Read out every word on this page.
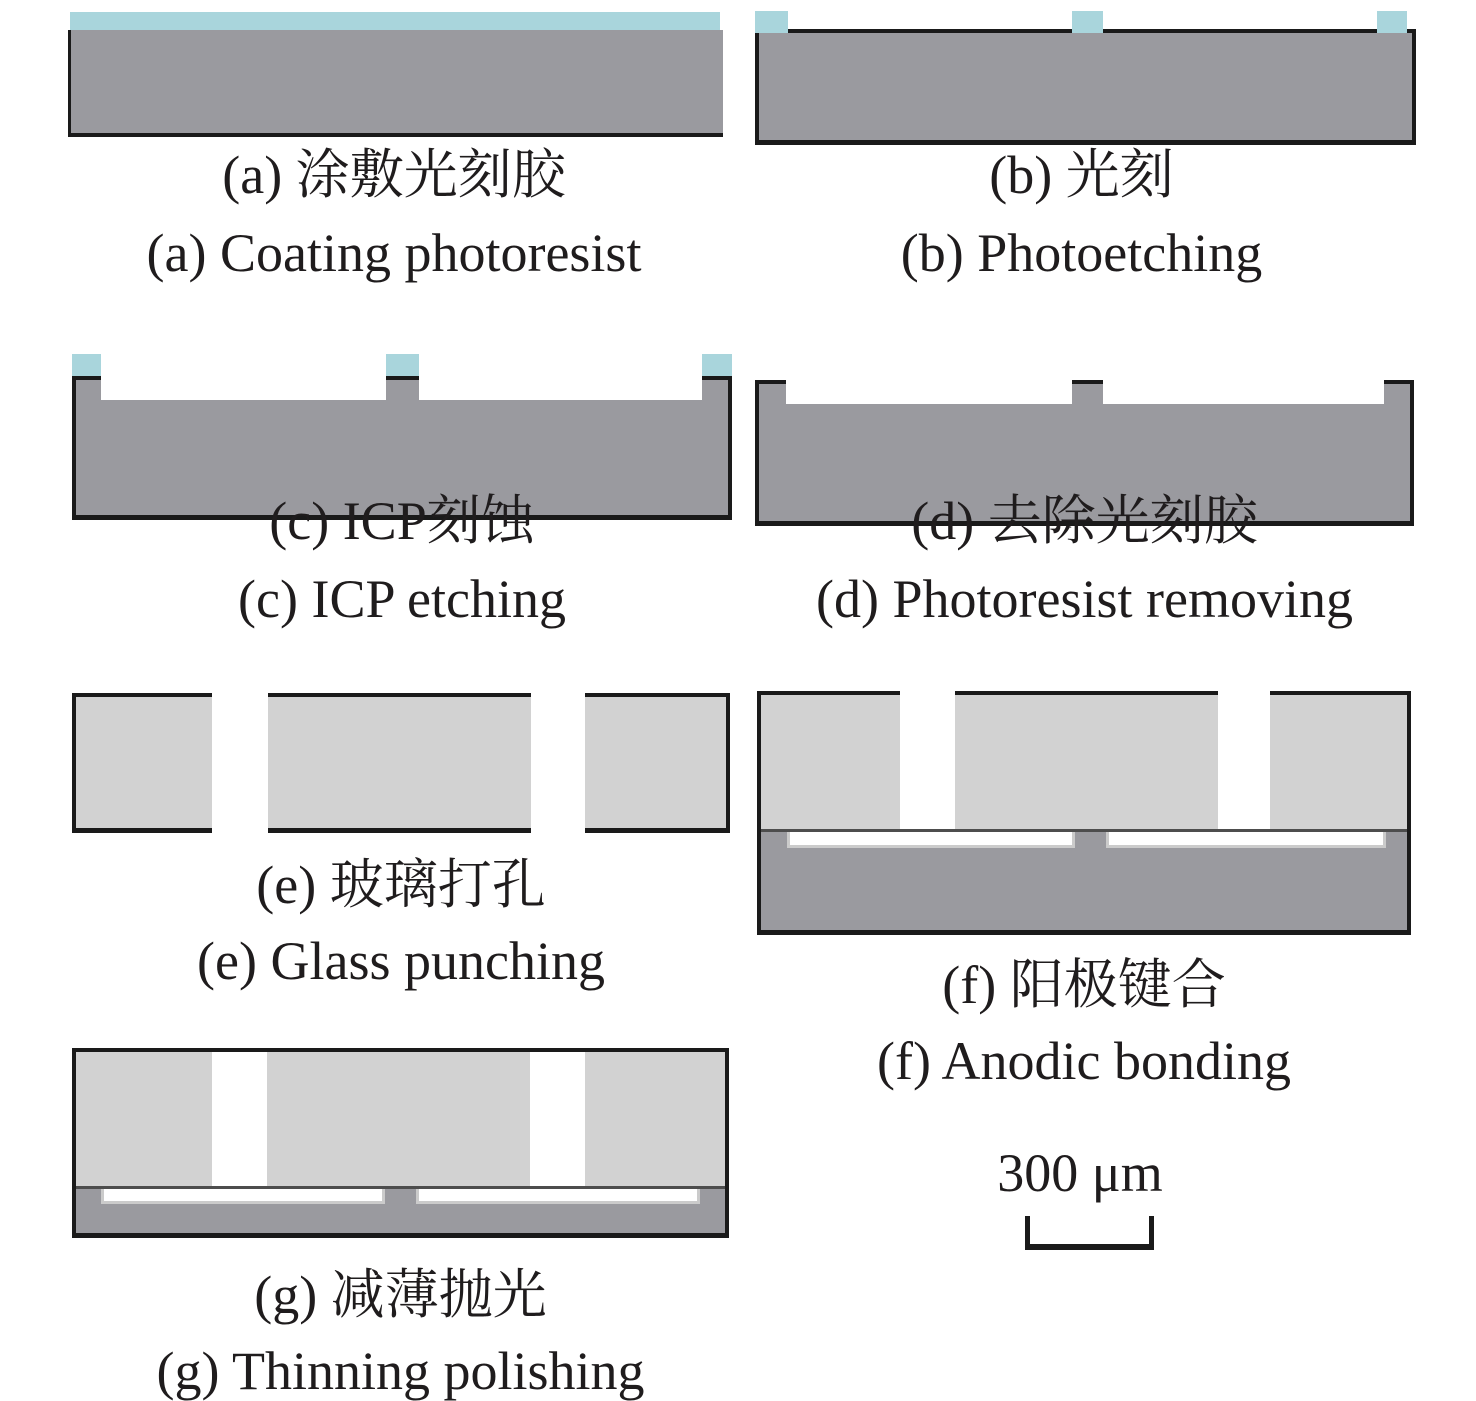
(a) 涂敷光刻胶
(a) Coating photoresist
(b) 光刻
(b) Photoetching
(c) ICP刻蚀
(c) ICP etching
(d) 去除光刻胶
(d) Photoresist removing
(e) 玻璃打孔
(e) Glass punching	(f) 阳极键合
(f) Anodic bonding
300 μm
(g) 减薄抛光
(g) Thinning polishing
